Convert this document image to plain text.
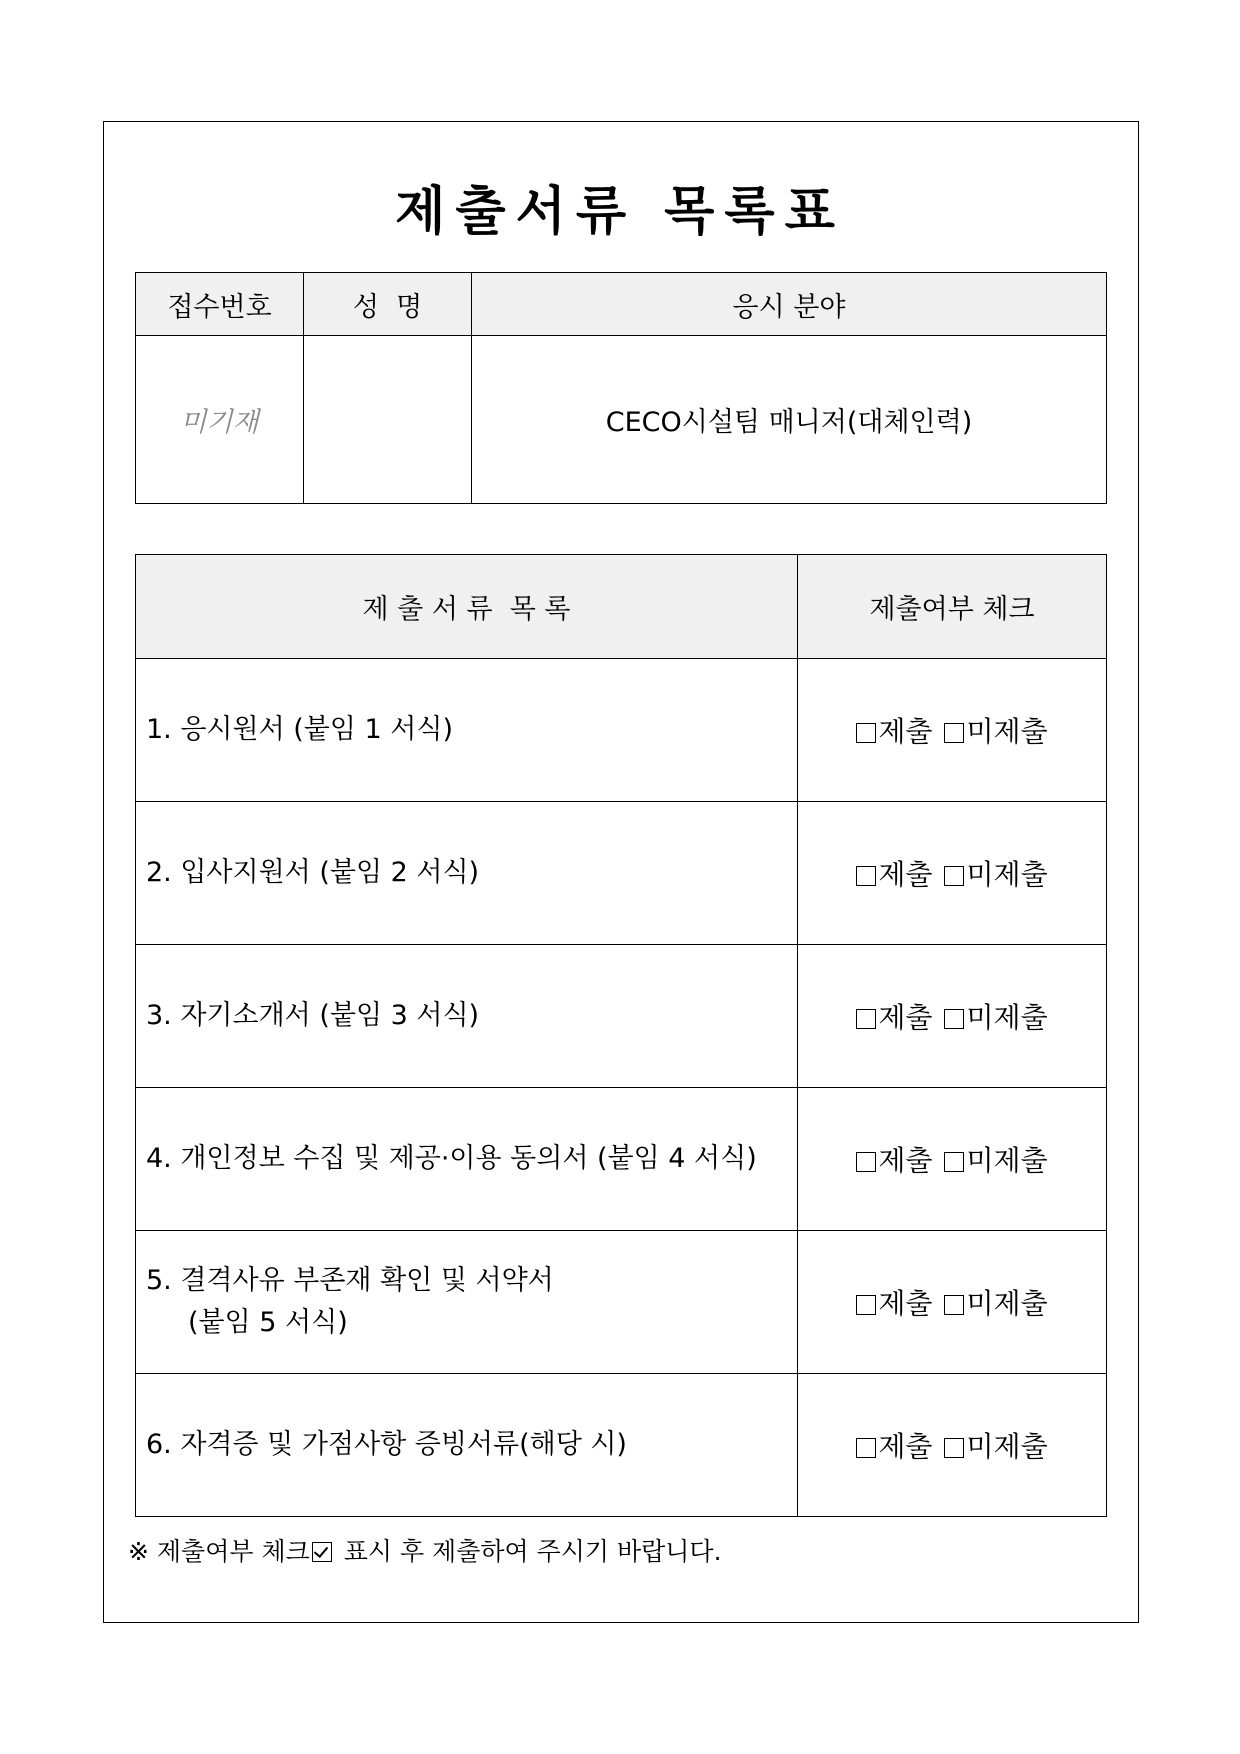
제출서류 목록표
접수번호	성  명	응시 분야
미기재		CECO시설팀 매니저(대체인력)
제 출 서 류  목 록	제출여부 체크

1. 응시원서 (붙임 1 서식)	제출 미제출

2. 입사지원서 (붙임 2 서식)	제출 미제출

3. 자기소개서 (붙임 3 서식)	제출 미제출

4. 개인정보 수집 및 제공·이용 동의서 (붙임 4 서식)	제출 미제출

5. 결격사유 부존재 확인 및 서약서
(붙임 5 서식)	제출 미제출

6. 자격증 및 가점사항 증빙서류(해당 시)	제출 미제출
※ 제출여부 체크 표시 후 제출하여 주시기 바랍니다.
